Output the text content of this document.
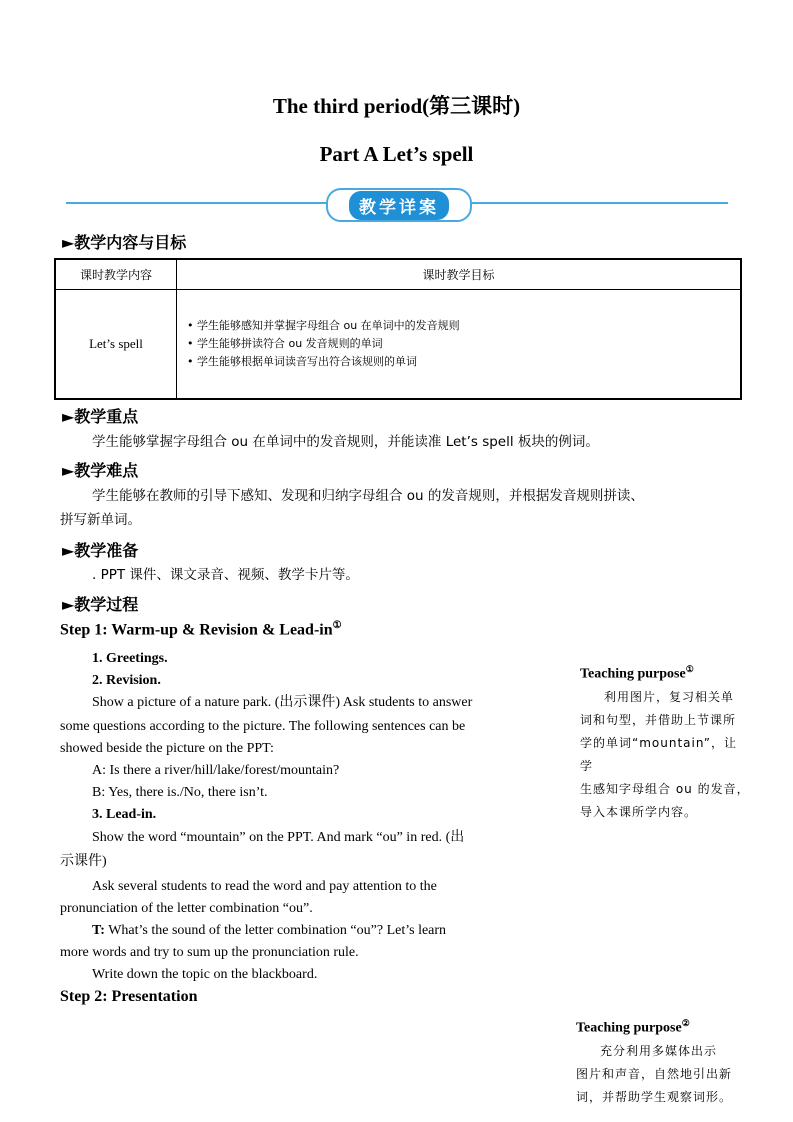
The third period(第三课时)
Part A Let’s spell
教学详案
►教学内容与目标
课时教学内容	课时教学目标
Let’s spell	• 学生能够感知并掌握字母组合 ou 在单词中的发音规则
• 学生能够拼读符合 ou 发音规则的单词
• 学生能够根据单词读音写出符合该规则的单词
►教学重点
学生能够掌握字母组合 ou 在单词中的发音规则，并能读准 Let’s spell 板块的例词。
►教学难点
学生能够在教师的引导下感知、发现和归纳字母组合 ou 的发音规则，并根据发音规则拼读、
拼写新单词。
►教学准备
. PPT 课件、课文录音、视频、教学卡片等。
►教学过程
Step 1: Warm-up & Revision & Lead-in①
1. Greetings.
2. Revision.
Show a picture of a nature park. (出示课件) Ask students to answer
some questions according to the picture. The following sentences can be
showed beside the picture on the PPT:
A: Is there a river/hill/lake/forest/mountain?
B: Yes, there is./No, there isn’t.
3. Lead-in.
Show the word “mountain” on the PPT. And mark “ou” in red. (出
示课件)
Ask several students to read the word and pay attention to the
pronunciation of the letter combination “ou”.
T: What’s the sound of the letter combination “ou”? Let’s learn
more words and try to sum up the pronunciation rule.
Write down the topic on the blackboard.
Step 2: Presentation
Teaching purpose①
利用图片，复习相关单
词和句型，并借助上节课所
学的单词“mountain”，让学
生感知字母组合 ou 的发音，
导入本课所学内容。
Teaching purpose②
充分利用多媒体出示
图片和声音，自然地引出新
词，并帮助学生观察词形。
